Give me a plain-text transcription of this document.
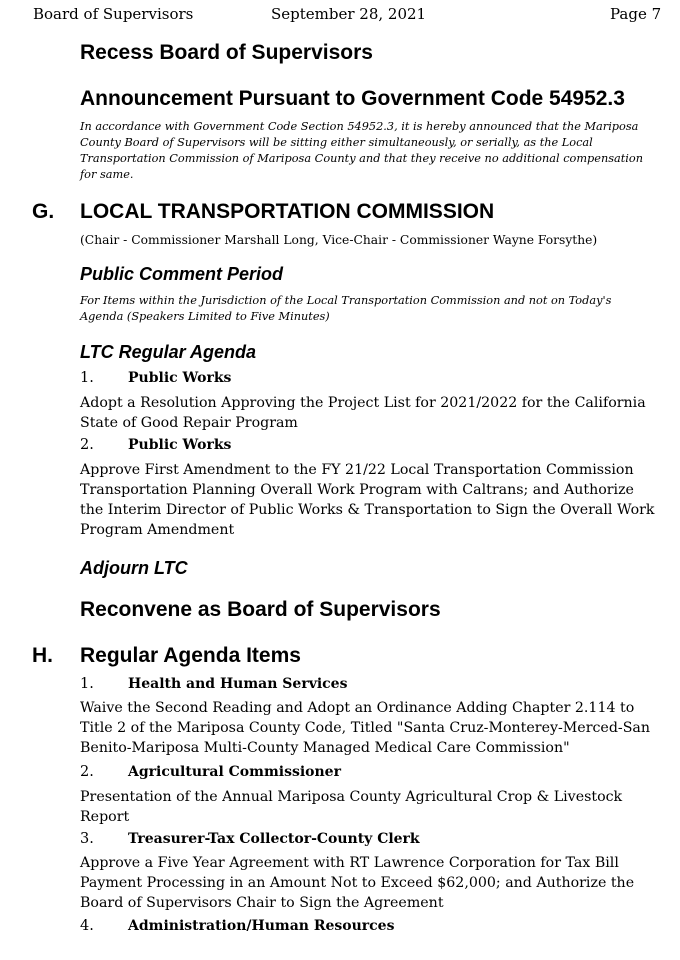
Board of Supervisors	September 28, 2021	Page 7
Recess Board of Supervisors
Announcement Pursuant to Government Code 54952.3
In accordance with Government Code Section 54952.3, it is hereby announced that the Mariposa County Board of Supervisors will be sitting either simultaneously, or serially, as the Local Transportation Commission of Mariposa County and that they receive no additional compensation for same.
G. LOCAL TRANSPORTATION COMMISSION
(Chair - Commissioner Marshall Long, Vice-Chair - Commissioner Wayne Forsythe)
Public Comment Period
For Items within the Jurisdiction of the Local Transportation Commission and not on Today's Agenda (Speakers Limited to Five Minutes)
LTC Regular Agenda
1. Public Works
Adopt a Resolution Approving the Project List for 2021/2022 for the California State of Good Repair Program
2. Public Works
Approve First Amendment to the FY 21/22 Local Transportation Commission Transportation Planning Overall Work Program with Caltrans; and Authorize the Interim Director of Public Works & Transportation to Sign the Overall Work Program Amendment
Adjourn LTC
Reconvene as Board of Supervisors
H. Regular Agenda Items
1. Health and Human Services
Waive the Second Reading and Adopt an Ordinance Adding Chapter 2.114 to Title 2 of the Mariposa County Code, Titled "Santa Cruz-Monterey-Merced-San Benito-Mariposa Multi-County Managed Medical Care Commission"
2. Agricultural Commissioner
Presentation of the Annual Mariposa County Agricultural Crop & Livestock Report
3. Treasurer-Tax Collector-County Clerk
Approve a Five Year Agreement with RT Lawrence Corporation for Tax Bill Payment Processing in an Amount Not to Exceed $62,000; and Authorize the Board of Supervisors Chair to Sign the Agreement
4. Administration/Human Resources
